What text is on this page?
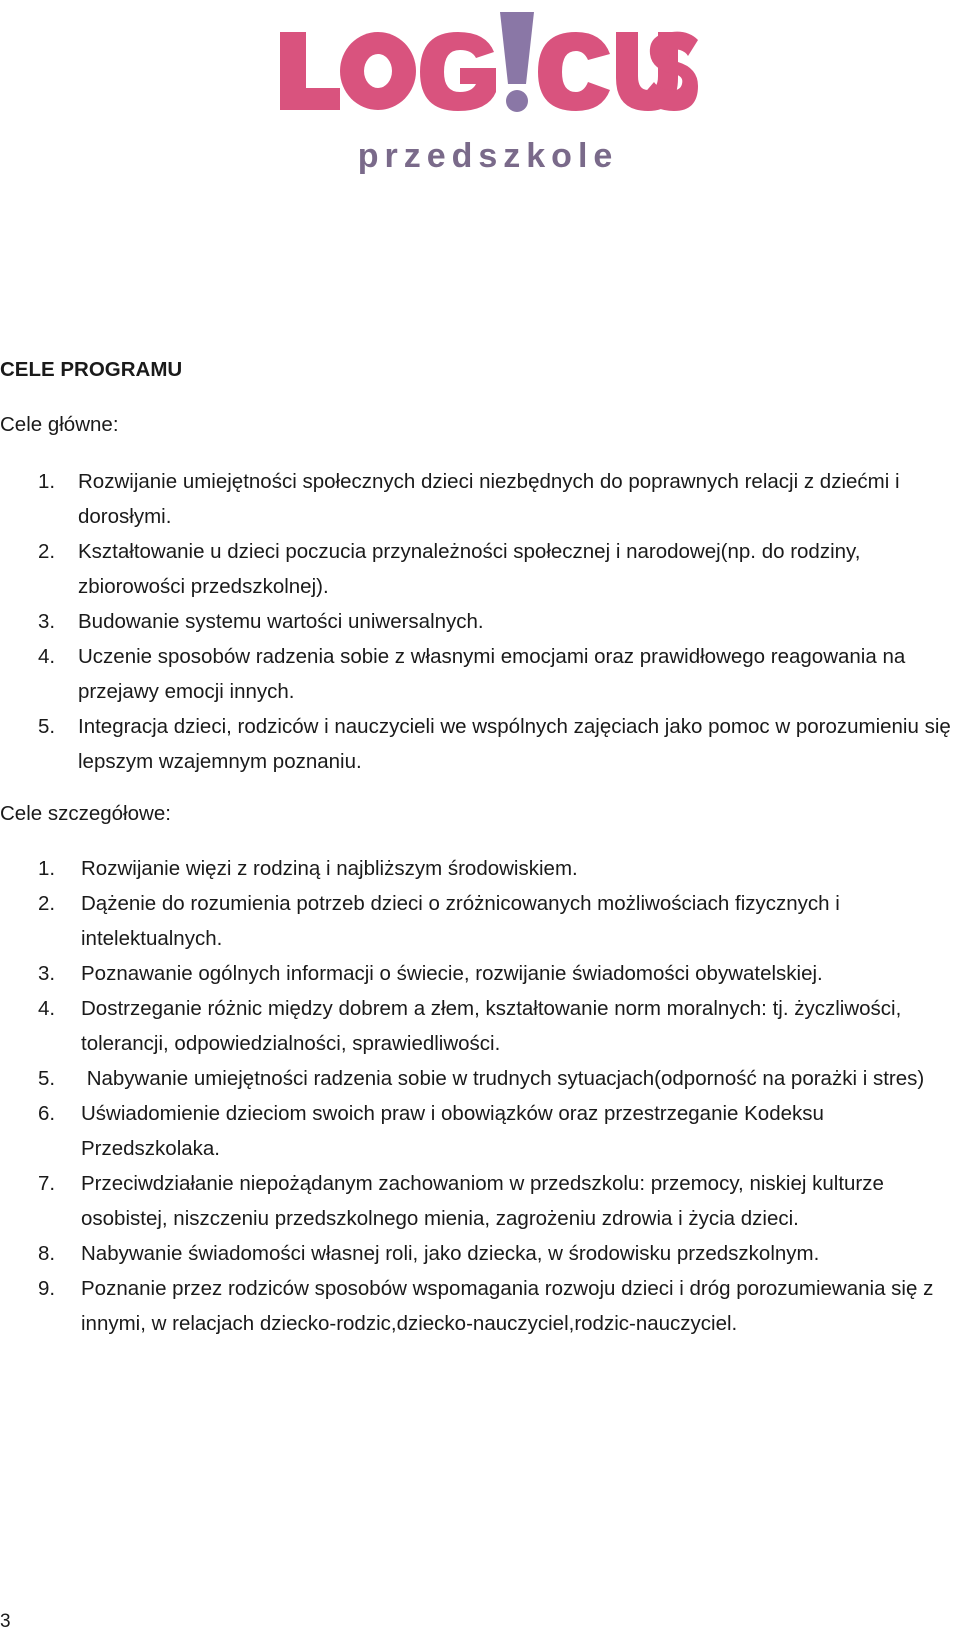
przedszkole

CELE PROGRAMU

Cele główne:

1. Rozwijanie umiejętności społecznych dzieci niezbędnych do poprawnych relacji z dziećmi i dorosłymi.
2. Kształtowanie u dzieci poczucia przynależności społecznej i narodowej(np. do rodziny, zbiorowości przedszkolnej).
3. Budowanie systemu wartości uniwersalnych.
4. Uczenie sposobów radzenia sobie z własnymi emocjami oraz prawidłowego reagowania na przejawy emocji innych.
5. Integracja dzieci, rodziców i nauczycieli we wspólnych zajęciach jako pomoc w porozumieniu się lepszym wzajemnym poznaniu.

Cele szczegółowe:

1. Rozwijanie więzi z rodziną i najbliższym środowiskiem.
2. Dążenie do rozumienia potrzeb dzieci o zróżnicowanych możliwościach fizycznych i intelektualnych.
3. Poznawanie ogólnych informacji o świecie, rozwijanie świadomości obywatelskiej.
4. Dostrzeganie różnic między dobrem a złem, kształtowanie norm moralnych: tj. życzliwości, tolerancji, odpowiedzialności, sprawiedliwości.
5. Nabywanie umiejętności radzenia sobie w trudnych sytuacjach(odporność na porażki i stres)
6. Uświadomienie dzieciom swoich praw i obowiązków oraz przestrzeganie Kodeksu Przedszkolaka.
7. Przeciwdziałanie niepożądanym zachowaniom w przedszkolu: przemocy, niskiej kulturze osobistej, niszczeniu przedszkolnego mienia, zagrożeniu zdrowia i życia dzieci.
8. Nabywanie świadomości własnej roli, jako dziecka, w środowisku przedszkolnym.
9. Poznanie przez rodziców sposobów wspomagania rozwoju dzieci i dróg porozumiewania się z innymi, w relacjach dziecko-rodzic,dziecko-nauczyciel,rodzic-nauczyciel.
3
